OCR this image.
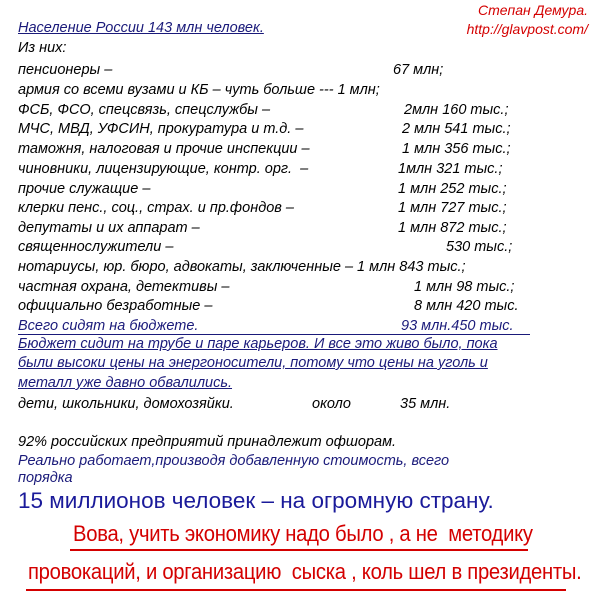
Степан Демура.
http://glavpost.com/
Население России 143 млн человек.
Из них:
пенсионеры –	67 млн;
армия со всеми вузами и КБ – чуть больше --- 1 млн;
ФСБ, ФСО, спецсвязь, спецслужбы –	2млн 160 тыс.;
МЧС, МВД, УФСИН, прокуратура и т.д. –	2 млн 541 тыс.;
таможня, налоговая и прочие инспекции –	1 млн 356 тыс.;
чиновники, лицензирующие, контр. орг.  –	1млн 321 тыс.;
прочие служащие –	1 млн 252 тыс.;
клерки пенс., соц., страх. и пр.фондов –	1 млн 727 тыс.;
депутаты и их аппарат –	1 млн 872 тыс.;
священнослужители –	530 тыс.;
нотариусы, юр. бюро, адвокаты, заключенные – 1 млн 843 тыс.;
частная охрана, детективы –	1 млн 98 тыс.;
официально безработные –	8 млн 420 тыс.
Всего сидят на бюджете.	93 млн.450 тыс.
Бюджет сидит на трубе и паре карьеров. И все это живо было, пока
были высоки цены на энергоносители, потому что цены на уголь и
металл уже давно обвалились.
дети, школьники, домохозяйки.	около	35 млн.
92% российских предприятий принадлежит офшорам.
Реально работает,производя добавленную стоимость, всего
порядка
15 миллионов человек – на огромную страну.
Вова, учить экономику надо было , а не  методику
провокаций, и организацию  сыска , коль шел в президенты.
